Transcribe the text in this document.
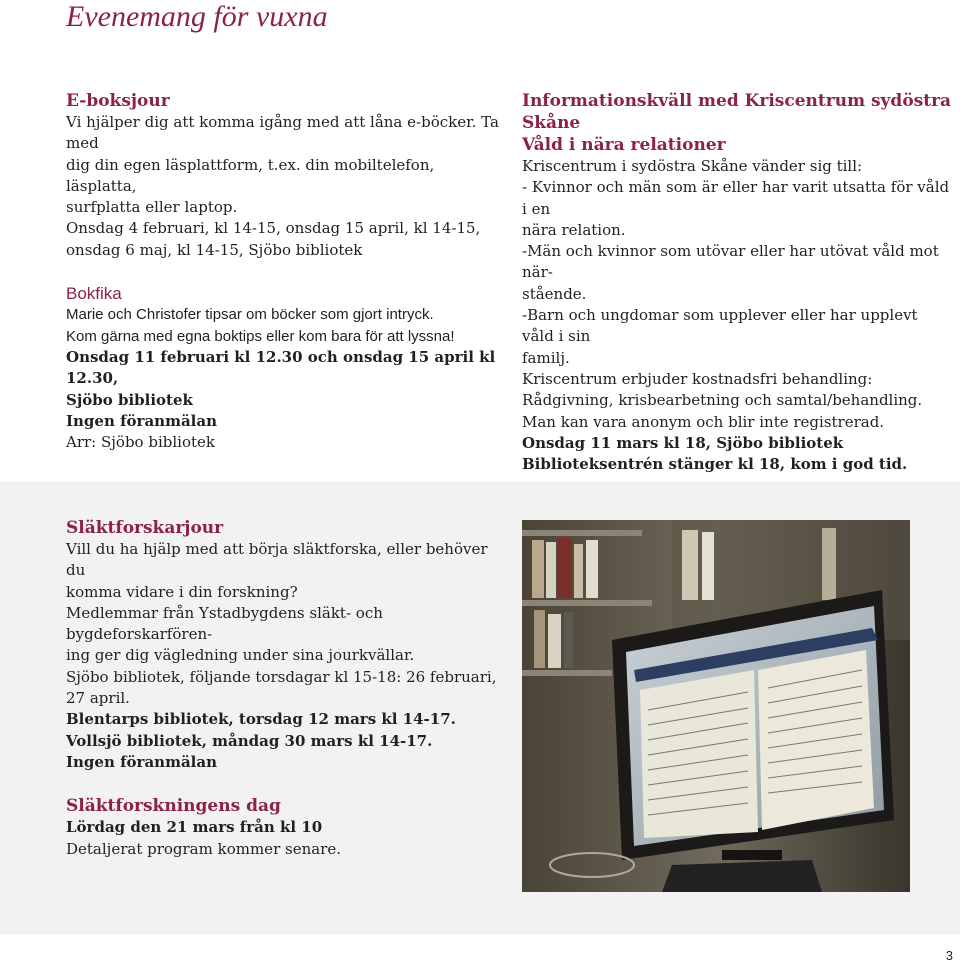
Evenemang för vuxna

E-boksjour

Vi hjälper dig att komma igång med att låna e-böcker. Ta med

dig din egen läsplattform, t.ex. din mobiltelefon, läsplatta,

surfplatta eller laptop.

Onsdag 4 februari, kl 14-15, onsdag 15 april, kl 14-15,

onsdag 6 maj, kl 14-15, Sjöbo bibliotek

Bokfika

Marie och Christofer tipsar om böcker som gjort intryck.

Kom gärna med egna boktips eller kom bara för att lyssna!

Onsdag 11 februari kl 12.30 och onsdag 15 april kl 12.30,

Sjöbo bibliotek

Ingen föranmälan

Arr: Sjöbo bibliotek

Informationskväll med Kriscentrum sydöstra Skåne

Våld i nära relationer

Kriscentrum i sydöstra Skåne vänder sig till:

- Kvinnor och män som är eller har varit utsatta för våld i en

nära relation.

-Män och kvinnor som utövar eller har utövat våld mot när-

stående.

-Barn och ungdomar som upplever eller har upplevt våld i sin

familj.

Kriscentrum erbjuder kostnadsfri behandling:

Rådgivning, krisbearbetning och samtal/behandling.

Man kan vara anonym och blir inte registrerad.

Onsdag 11 mars kl 18, Sjöbo bibliotek

Biblioteksentrén stänger kl 18, kom i god tid.

Släktforskarjour

Vill du ha hjälp med att börja släktforska, eller behöver du

komma vidare i din forskning?

Medlemmar från Ystadbygdens släkt- och bygdeforskarfören-

ing ger dig vägledning under sina jourkvällar.

Sjöbo bibliotek, följande torsdagar kl 15-18: 26 februari,

27 april.

Blentarps bibliotek, torsdag 12 mars kl 14-17.

Vollsjö bibliotek, måndag 30 mars kl 14-17.

Ingen föranmälan

Släktforskningens dag

Lördag den 21 mars från kl 10

Detaljerat program kommer senare.

3
